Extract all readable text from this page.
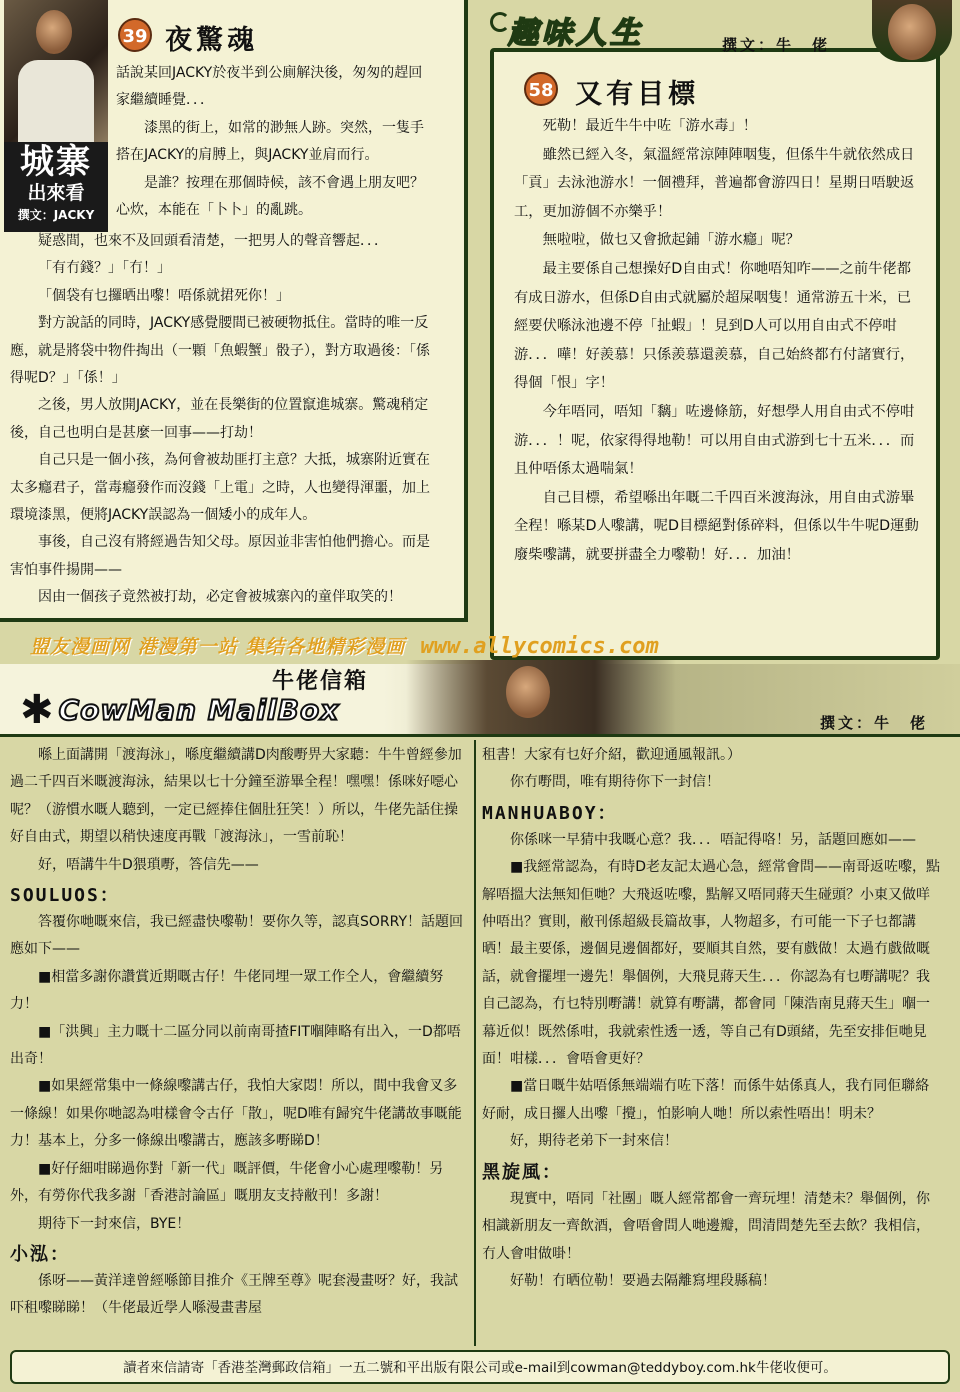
城寨
出來看
撰文：JACKY
39 夜驚魂

話說某回JACKY於夜半到公廁解決後，匆匆的趕回家繼續睡覺．．．

漆黑的街上，如常的渺無人跡。突然，一隻手搭在JACKY的肩膊上，與JACKY並肩而行。

是誰？按理在那個時候，該不會遇上朋友吧？心炊，本能在「卜卜」的亂跳。

疑惑間，也來不及回頭看清楚，一把男人的聲音響起．．．

「有冇錢？」「冇！」

「個袋有乜攞晒出嚟！唔係就捃死你！」

對方說話的同時，JACKY感覺腰間已被硬物抵住。當時的唯一反應，就是將袋中物件掏出（一顆「魚蝦蟹」骰子），對方取過後：「係得呢D？」「係！」

之後，男人放開JACKY，並在長樂街的位置竄進城寨。驚魂稍定後，自己也明白是甚麼一回事——打劫！

自己只是一個小孩，為何會被劫匪打主意？大抵，城寨附近實在太多癮君子，當毒癮發作而沒錢「上電」之時，人也變得渾噩，加上環境漆黑，便將JACKY誤認為一個矮小的成年人。

事後，自己沒有將經過告知父母。原因並非害怕他們擔心。而是害怕事件揚開——

因由一個孩子竟然被打劫，必定會被城寨內的童伴取笑的！

趣味人生	撰文：牛　佬
58 又有目標

死勒！最近牛牛中咗「游水毒」！

雖然已經入冬，氣溫經常涼陣陣咽隻，但係牛牛就依然成日「貢」去泳池游水！一個禮拜，普遍都會游四日！星期日唔駛返工，更加游個不亦樂乎！

無啦啦，做乜又會掀起鋪「游水癮」呢？

最主要係自己想操好D自由式！你哋唔知咋——之前牛佬都有成日游水，但係D自由式就屬於超屎咽隻！通常游五十米，已經要伏喺泳池邊不停「扯蝦」！見到D人可以用自由式不停咁游．．．嘩！好羨慕！只係羨慕還羨慕，自己始終都冇付諸實行，得個「恨」字！

今年唔同，唔知「黐」咗邊條筋，好想學人用自由式不停咁游．．．！呢，依家得得地勒！可以用自由式游到七十五米．．．而且仲唔係太過喘氣！

自己目標，希望喺出年嘅二千四百米渡海泳，用自由式游畢全程！喺某D人嚟講，呢D目標絕對係碎料，但係以牛牛呢D運動廢柴嚟講，就要拼盡全力嚟勒！好．．．加油！

盟友漫画网 港漫第一站 集结各地精彩漫画 www.allycomics.com
牛佬信箱
✱ CowMan MailBox	撰文：牛　佬

喺上面講開「渡海泳」，喺度繼續講D肉酸嘢畀大家聽：牛牛曾經參加過二千四百米嘅渡海泳，結果以七十分鐘至游畢全程！嘿嘿！係咪好噁心呢？（游慣水嘅人聽到，一定已經捧住個肚狂笑！）所以，牛佬先話住操好自由式，期望以稍快速度再戰「渡海泳」，一雪前恥！

好，唔講牛牛D猥瑣嘢，答信先——

SOULUOS：

答覆你哋嘅來信，我已經盡快嚟勒！要你久等，認真SORRY！話題回應如下——

■相當多謝你讚賞近期嘅古仔！牛佬同埋一眾工作仝人，會繼續努力！

■「洪興」主力嘅十二區分同以前南哥揸FIT嗰陣略有出入，一D都唔出奇！

■如果經常集中一條線嚟講古仔，我怕大家悶！所以，間中我會叉多一條線！如果你哋認為咁樣會令古仔「散」，呢D唯有歸究牛佬講故事嘅能力！基本上，分多一條線出嚟講古，應該多嘢睇D！

■好仔細咁睇過你對「新一代」嘅評價，牛佬會小心處理嚟勒！另外，有勞你代我多謝「香港討論區」嘅朋友支持敝刊！多謝！

期待下一封來信，BYE！

小泓：

係呀——黃洋達曾經喺節目推介《王牌至尊》呢套漫畫呀？好，我試吓租嚟睇睇！（牛佬最近學人喺漫畫書屋

租書！大家有乜好介紹，歡迎通風報訊。）

你冇嘢問，唯有期待你下一封信！

MANHUABOY：

你係咪一早猜中我嘅心意？我．．．唔記得咯！另，話題回應如——

■我經常認為，有時D老友記太過心急，經常會問——南哥返咗嚟，點解唔搵大法無知佢哋？大飛返咗嚟，點解又唔同蔣天生碰頭？小東又做咩仲唔出？實則，敝刊係超級長篇故事，人物超多，冇可能一下子乜都講晒！最主要係，邊個見邊個都好，要順其自然，要有戲做！太過冇戲做嘅話，就會擺埋一邊先！舉個例，大飛見蔣天生．．．你認為有乜嘢講呢？我自己認為，冇乜特別嘢講！就算有嘢講，都會同「陳浩南見蔣天生」嗰一幕近似！既然係咁，我就索性透一透，等自己有D頭緒，先至安排佢哋見面！咁樣．．．會唔會更好？

■當日嘅牛姑唔係無端端冇咗下落！而係牛姑係真人，我冇同佢聯絡好耐，成日攞人出嚟「攪」，怕影响人哋！所以索性唔出！明未？

好，期待老弟下一封來信！

黑旋風：

現實中，唔同「社團」嘅人經常都會一齊玩埋！清楚未？舉個例，你相識新朋友一齊飲酒，會唔會問人哋邊瓣，問清問楚先至去飲？我相信，冇人會咁做啩！

好勒！冇晒位勒！要過去隔離寫埋段縣稿！

讀者來信請寄「香港荃灣郵政信箱」一五二號和平出版有限公司或e-mail到cowman@teddyboy.com.hk牛佬收便可。
